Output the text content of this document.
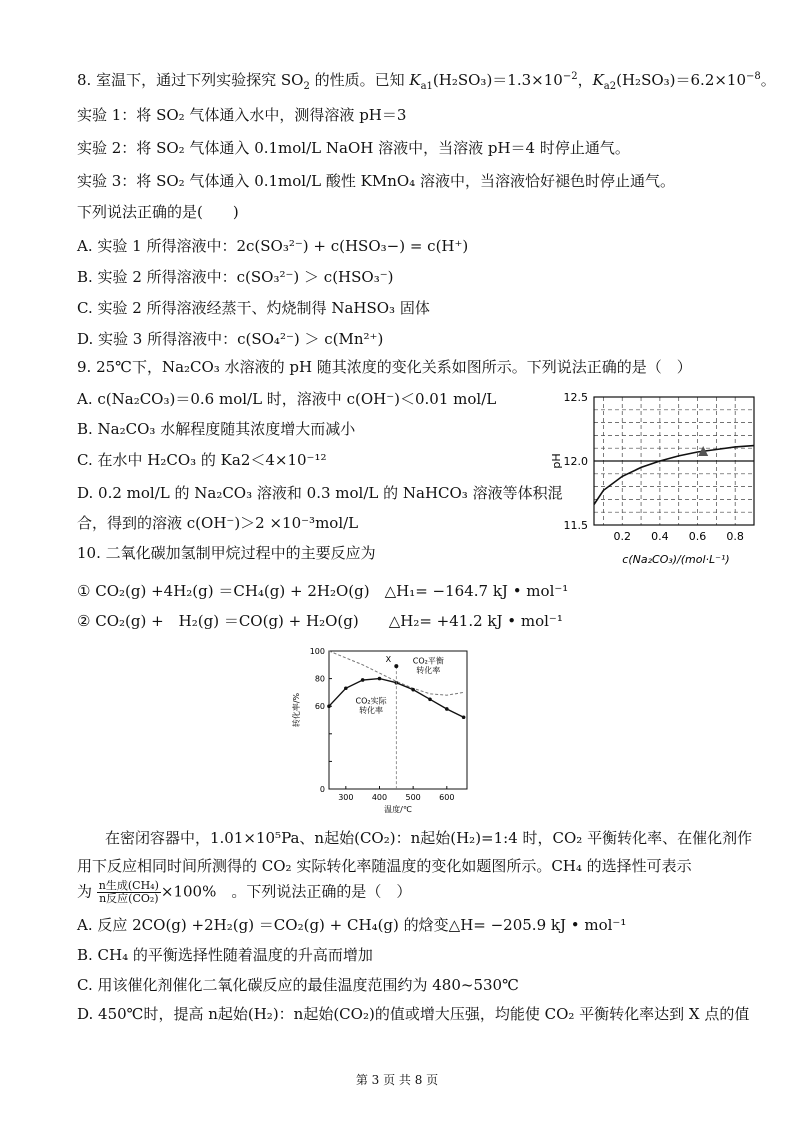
8. 室温下，通过下列实验探究 $SO_2$ 的性质。已知 $K_{a1}(H_2SO_3)=1.3\times 10^{-2}$，$K_{a2}(H_2SO_3)=6.2\times 10^{-8}$。
实验 1：将 SO₂ 气体通入水中，测得溶液 pH＝3
实验 2：将 SO₂ 气体通入 0.1mol/L NaOH 溶液中，当溶液 pH＝4 时停止通气。
实验 3：将 SO₂ 气体通入 0.1mol/L 酸性 KMnO₄ 溶液中，当溶液恰好褪色时停止通气。
下列说法正确的是(　　)
A. 实验 1 所得溶液中：2c(SO₃²⁻) + c(HSO₃−) = c(H⁺)
B. 实验 2 所得溶液中：c(SO₃²⁻) ＞ c(HSO₃⁻)
C. 实验 2 所得溶液经蒸干、灼烧制得 NaHSO₃ 固体
D. 实验 3 所得溶液中：c(SO₄²⁻) ＞ c(Mn²⁺)
9. 25℃下，Na₂CO₃ 水溶液的 pH 随其浓度的变化关系如图所示。下列说法正确的是（　）
A. c(Na₂CO₃)＝0.6 mol/L 时，溶液中 c(OH⁻)＜0.01 mol/L
B. Na₂CO₃ 水解程度随其浓度增大而减小
C. 在水中 H₂CO₃ 的 Ka2＜4×10⁻¹²
D. 0.2 mol/L 的 Na₂CO₃ 溶液和 0.3 mol/L 的 NaHCO₃ 溶液等体积混
合，得到的溶液 c(OH⁻)＞2 ×10⁻³mol/L	11.5
12.0
12.5
0.2 0.4 0.6 0.8
pH
c(Na₂CO₃)/(mol·L⁻¹)
10. 二氧化碳加氢制甲烷过程中的主要反应为
① CO₂(g) +4H₂(g) ＝CH₄(g) + 2H₂O(g)　△H₁= −164.7 kJ • mol⁻¹
② CO₂(g) +　H₂(g) ＝CO(g) + H₂O(g)　　△H₂= +41.2 kJ • mol⁻¹
0
60
80
100
300 400 500 600
X	CO₂平衡
转化率
CO₂实际
转化率
转化率/%
温度/℃
在密闭容器中，1.01×10⁵Pa、n起始(CO₂)：n起始(H₂)=1:4 时，CO₂ 平衡转化率、在催化剂作
用下反应相同时间所测得的 CO₂ 实际转化率随温度的变化如题图所示。CH₄ 的选择性可表示
为 $\frac{\text{n生成(CH₄)}}{\text{n反应(CO₂)}} \times 100\%$　。下列说法正确的是（　）
A. 反应 2CO(g) +2H₂(g) ＝CO₂(g) + CH₄(g) 的焓变△H= −205.9 kJ • mol⁻¹
B. CH₄ 的平衡选择性随着温度的升高而增加
C. 用该催化剂催化二氧化碳反应的最佳温度范围约为 480~530℃
D. 450℃时，提高 n起始(H₂)：n起始(CO₂)的值或增大压强，均能使 CO₂ 平衡转化率达到 X 点的值
第 3 页 共 8 页
